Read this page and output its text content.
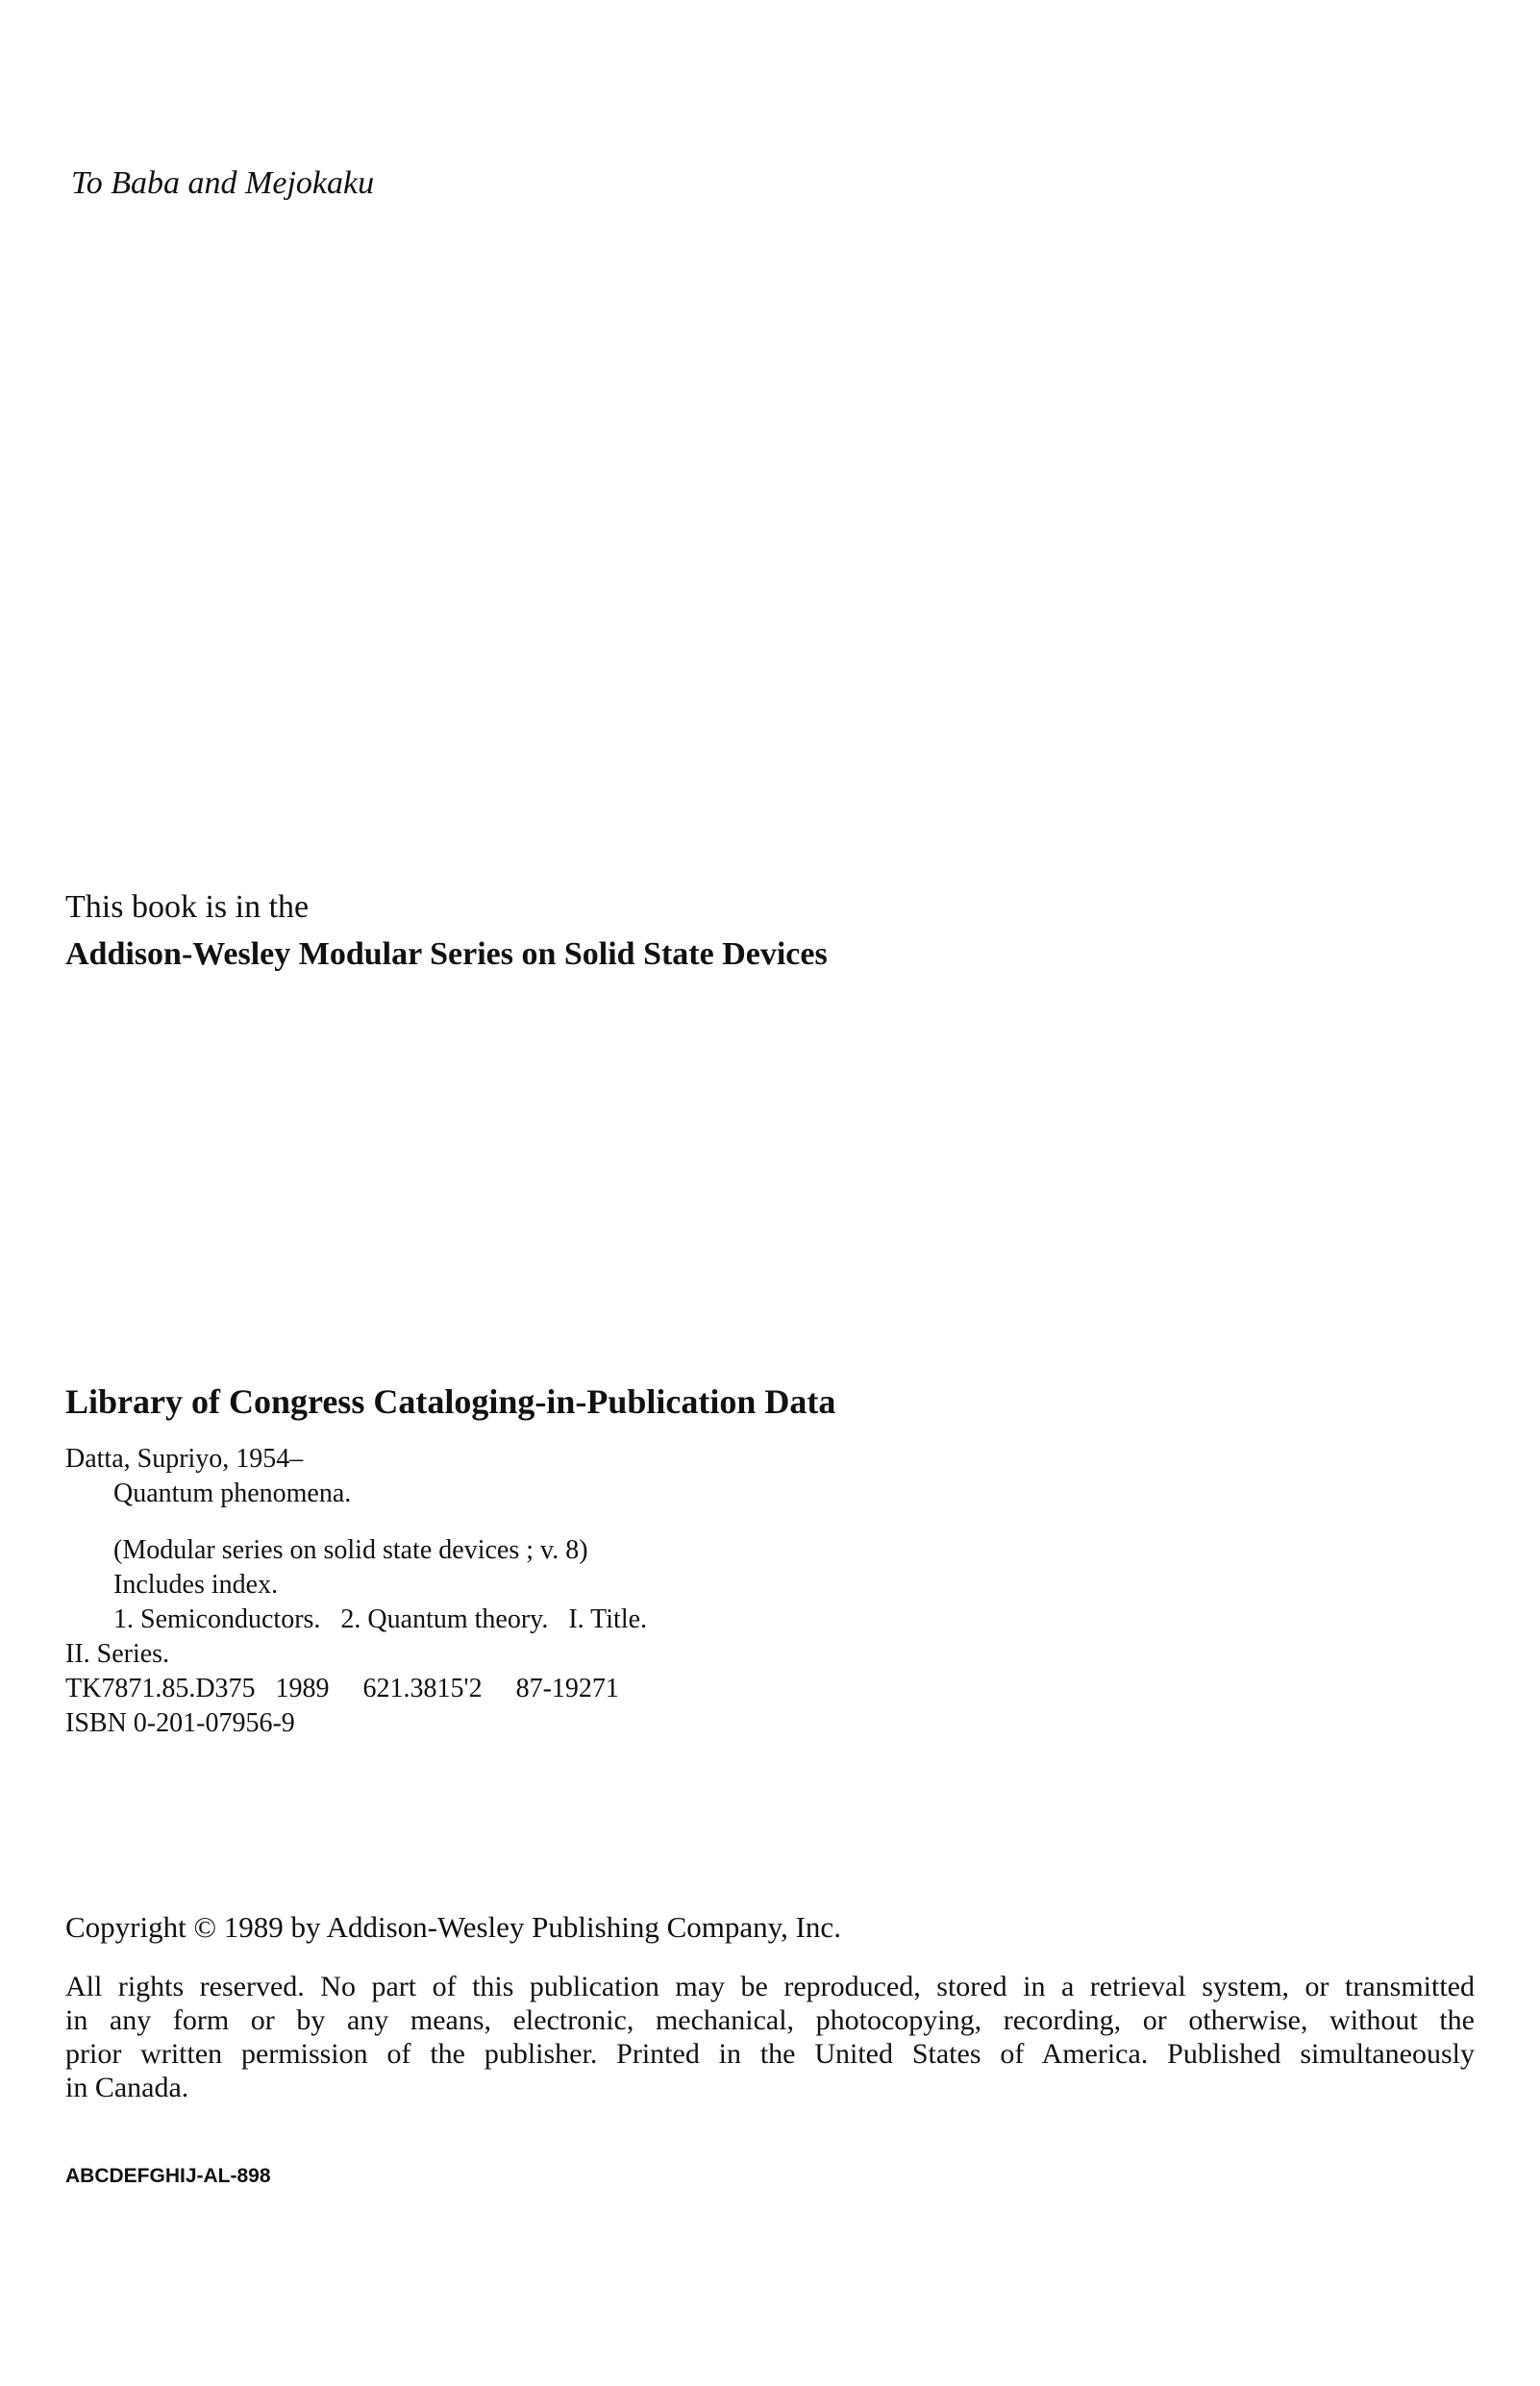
To Baba and Mejokaku
This book is in the
Addison-Wesley Modular Series on Solid State Devices
Library of Congress Cataloging-in-Publication Data
Datta, Supriyo, 1954–
Quantum phenomena.
(Modular series on solid state devices ; v. 8)
Includes index.
1. Semiconductors.   2. Quantum theory.   I. Title.
II. Series.
TK7871.85.D375   1989     621.3815'2     87-19271
ISBN 0-201-07956-9
Copyright © 1989 by Addison-Wesley Publishing Company, Inc.
All rights reserved. No part of this publication may be reproduced, stored in a retrieval system, or transmitted
in any form or by any means, electronic, mechanical, photocopying, recording, or otherwise, without the
prior written permission of the publisher. Printed in the United States of America. Published simultaneously
in Canada.
ABCDEFGHIJ-AL-898
